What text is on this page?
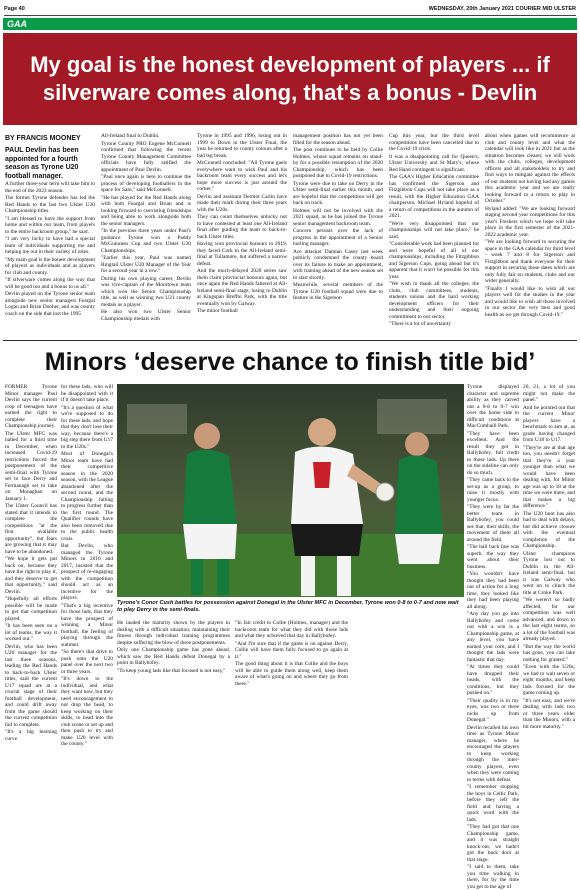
Page 40	WEDNESDAY, 20th January 2021 COURIER MID ULSTER
GAA
My goal is the honest development of players ... if silverware comes along, that's a bonus - Devlin
BY FRANCIS MOONEY
PAUL Devlin has been appointed for a fourth season as Tyrone U20 football manager.

A further three-year term will take him to the end of the 2023 season.

The former Tyrone defender has led the Red Hands to the last two Ulster U20 Championship titles.

"I am blessed to have the support from home and within our team, from players to the entire backroom group," he said.

"I am very lucky to have had a special team of individuals supporting me and helping me out in their variety of roles.

"My main goal is the honest development of players as individuals and as players for club and county.

"If silverware comes along the way that will be good too and a bonus to us all."

Devlin played on the Tyrone senior team alongside new senior managers Feargal Logan and Brian Dooher, and was county coach on the side that lost the 1995

All-Ireland final to Dublin.

Tyrone County PRO Eugene McConnell confirmed that following the recent Tyrone County Management Committee officials have fully ratified the appointment of Paul Devlin.

"Paul once again is here to continue the process of developing footballers in the space for Sam," said McConnell.

"He has played for the Red Hands along with both Feargal and Brian and is looking forward to coexisting friendships and being able to work alongside both the senior managers.

"In the previous three years under Paul's guidance Tyrone won a Paddy McGuinness Cup and two Ulster U20 Championships.

"Earlier this year, Paul was named Ringtail Ulster U20 Manager of the Year for a second year in a row."

During his own playing career, Devlin was vice-captain of the Moortown team which won the Senior Championship title, as well as winning two U21 county medals as a player.

He also won two Ulster Senior Championship medals with

Tyrone in 1995 and 1996, losing out in 1999 to Down in the Ulster Final, the year he returned to county colours after a bad leg break.

McConnell concluded: "All Tyrone gaels everywhere want to wish Paul and his backroom team every success and let's hope more success is just around the corner."

Devlin and assistant Dermot Carlin have made their mark during their three years with the U20s.

They can count themselves unlucky not to have contested at least one All-Ireland final after guiding the team to back-to-back Ulster titles.

Having won provincial honours in 2019, they faced Cork in the All-Ireland semi-final at Tullamore, but suffered a narrow defeat.

And the much-delayed 2020 series saw them claim provincial honours again, but once again the Red Hands faltered at All-Ireland semi-final stage, losing to Dublin at Kingspan Breffni Park, with the title eventually won by Galway.

The minor football

management position has not yet been filled for the season ahead.

The post continues to be held by Collie Holmes, whose squad remains on stand-by for a possible resumption of the 2020 Championship, which has been postponed due to Covid-19 restrictions.

Tyrone were due to take on Derry in the Ulster semi-final earlier this month, and are hopeful that the competition will get back on track.

Holmes will not be involved with the 2021 squad, as he has joined the Tyrone senior management backroom team.

Concern persists over the lack of progress in the appointment of a Senior hurling manager.

Ace attacker Damian Casey last week publicly condemned the county board over its failure to make an appointment, with training ahead of the new season set to start shortly.

Meanwhile, several members of the Tyrone U20 football squad were due to feature in the Sigerson

Cup this year, but the third level competitions have been cancelled due to the Covid-19 crisis.

It was a disappointing call for Queen's, Ulster University and St Mary's, whose Red Hand contingent is significant.

The GAA's Higher Education committee has confirmed the Sigerson and Fitzgibbon Cups will not take place as a result, with the Higher Education GAA chairperson, Michael Hyland hopeful of a return of competitions in the autumn of 2021.

"We're very disappointed that our championships will not take place," he said.

"Considerable work had been planned for and were hopeful of all of our championships, including the Fitzgibbon and Sigerson Cups, going ahead but it's apparent that it won't be possible for this year.

"We wish to thank all the colleges, the clubs, club committees, students, students unions and the hard working development officers for their understanding and their ongoing commitment to our sector.

"There is a lot of uncertainty

about when games will recommence at club and county level and what the calendar will look like in 2021 but as the situation becomes clearer, we will work with the clubs, colleges, development officers and all stakeholders to try and find ways to mitigate against the effects of our students not having had any games this academic year and we are really looking forward to a return to play in October."

Hyland added: "We are looking forward staging second year competitions for this year's Freshers which we hope will take place in the first semester of the 2021-2022 academic year.

"We are looking forward to securing the space in the GAA calendar for third level - week 7 and 8 for Sigerson and Fitzgibbon and thank everyone for their support in securing these dates which are only fully fair on students, clubs and our wider generally.

"Finally I would like to wish all our players well for the studies in the year and would like to wish all those involved in our sector the very best and good health as we get through Covid-19."

Minors ‘deserve chance to finish title bid’

FORMER Tyrone Minor manager Paul Devlin says the current crop of teenagers have earned the right to complete their Championship journey.

The Ulster MFC was halted for a third time in December, when increased Covid-19 restrictions forced the postponement of the semi-final with Tyrone set to face Derry and Fermanagh set to take on Monaghan on January 1.

The Ulster Council has stated that it intends to complete the competitions "at the first available opportunity", but fears are growing that it may have to be abandoned.

"We hope it gets put back on, because they have the right to play it, and they deserve to get that opportunity," said Devlin.

"Hopefully all efforts possible will be made to get that competition played.

"It has been seen on a lot of teams, the way it worked out."

Devlin, who has been U20 manager for the last three seasons, leading the Red Hands to back-to-back Ulster titles, said the current U17 squad are at a crucial stage of their football development, and could drift away from the game should the current competition fail to complete.

"It's a big learning curve

for these lads, who will be disappointed with it if it doesn't take place.

"It's a question of what we're supposed to do for these lads, and hope that they don't lose their way, because there's a big step there from U17 to the U20s."

Most of Donegal's Minor team have had their competitive season in the 2020 season, with the League abandoned after the second round, and the Championship falling to progress further than the first round. The Qualifier rounds have also been removed due to the public health crisis.

But Devlin, who managed the Tyrone Minors in 2016 and 2017, insisted that the prospect of re-engaging with the competition should act as an incentive for the players.

"That's a big incentive for those lads, that they have the prospect of winning a Minor football, the feeling of playing through the summer.

"So there's that drive to push onto the U20 panel over the next two or three years.

"It's down to the individual, and what they want now, but they need encouragement to not drop the head, to keep working on their skills, to head into the club scene or set up and then push to try and make U20 level with the county."

Tyrone's Conor Cush battles for possession against Donegal in the Ulster MFC in December. Tyrone won 0-8 to 0-7 and now wait to play Derry in the semi-finals.

He lauded the maturity shown by the players in dealing with a difficult situation, maintaining their fitness through individual training programmes despite suffering the blow of three postponements.

Only one Championship game has gone ahead, which saw the Red Hands defeat Donegal by a point in Ballybofey.

"To keep young lads like that focused is not easy,"

"In fair credit to Collie (Holmes, manager) and the backroom team for what they did with those lads and what they achieved that day in Ballybofey.

"And I'm sure that if the game is on against Derry, Collie will have them fully focused to go again at it."

The good thing about it is that Collie and the boys will be able to guide them along well, keep them aware of what's going on and where they go from there."

Tyrone displayed character and supreme ability as they carved out a 0-8 to 0-7 win over the home side in difficult conditions at MacCumhaill Park.

"They have been excellent. And the result they got in Ballybofey, full credit to those lads. Up there on the sideline can only do so much.

"They came back to the set-up as a group, to raise it mostly with younger focus.

"They were by far the better team in Ballybofey, you could see that, their skills, the movement of them all around the field.

"The ball back line was superb, the way they went about their business.

"You wouldn't have thought they had been out of action for a long time, they looked like they had been playing all along.

"Any day you go into Ballybofey and come out with a win is a Championship game, at any level, you have earned your corn, and I thought the lads were fantastic that day.

"At times they could have dropped their heads, with the conditions, but they pushed on."

"Their quality is in my eyes, was two or three nicks up from Donegal."

Devlin recalled his own time as Tyrone Minor manager, where he encouraged the players to keep working through the inter-county players, even when they were coming to terms with defeat.

"I remember stopping the boys in Celtic Park, before they left the field and having a quick word with the lads.

"They had got that one Championship game, and it was straight knock-out, we hadn't got the back door at that stage.

"I said to them, take you time walking in there, for by the time you get to the age of

20, 21, a lot of you might not make the panel."

And he pointed out that the current Minor players have a benchmark to aim at, as grade having changed from U18 to U17.

"They're are at that age too, you needn't forget that they're a year younger than what we would have been dealing with, for Minor age was up to 18 at the time we were there, and that makes a big difference."

The U20 boot has also had to deal with delays, but did achieve closure with the eventual completion of the Championship.

Ulster champions Tyrone lost out to Dublin in the All-Ireland semi-final, but it was Galway who went on to clinch the title at Croke Park.

"We weren't so badly affected, for our competition was well advanced, and down to the last eight teams, so a lot of the football was already played.

"But the way the world has gone, you can take nothing for granted."

"Even with the U20s, we had to wait seven or eight months, and keep lads focused for the game coming up.

"It's not easy, and we're dealing with lads two or three years older than the Minors, with a bit more maturity."
